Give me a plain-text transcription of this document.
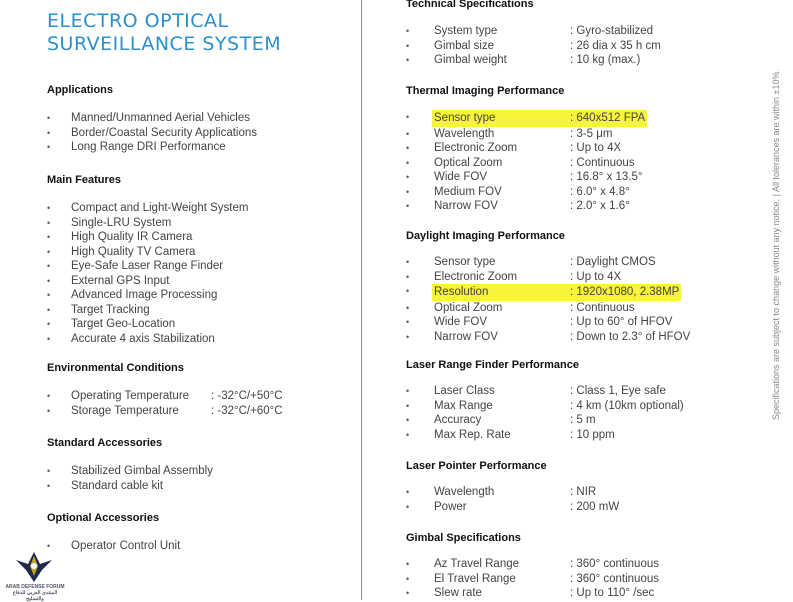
ELECTRO OPTICAL
SURVEILLANCE SYSTEM
Applications
• Manned/Unmanned Aerial Vehicles
• Border/Coastal Security Applications
• Long Range DRI Performance
Main Features
• Compact and Light-Weight System
• Single-LRU System
• High Quality IR Camera
• High Quality TV Camera
• Eye-Safe Laser Range Finder
• External GPS Input
• Advanced Image Processing
• Target Tracking
• Target Geo-Location
• Accurate 4 axis Stabilization
Environmental Conditions
• Operating Temperature : -32°C/+50°C
• Storage Temperature	: -32°C/+60°C
Standard Accessories
• Stabilized Gimbal Assembly
• Standard cable kit
Optional Accessories
• Operator Control Unit
Technical Specifications
• System type	: Gyro-stabilized
• Gimbal size	: 26 dia x 35 h cm
• Gimbal weight	: 10 kg (max.)
Thermal Imaging Performance
• Sensor type	: 640x512 FPA
• Wavelength	: 3-5 μm
• Electronic Zoom	: Up to 4X
• Optical Zoom	: Continuous
• Wide FOV	: 16.8° x 13.5°
• Medium FOV	: 6.0° x 4.8°
• Narrow FOV	: 2.0° x 1.6°
Daylight Imaging Performance
• Sensor type	: Daylight CMOS
• Electronic Zoom	: Up to 4X
• Resolution	: 1920x1080, 2.38MP
• Optical Zoom	: Continuous
• Wide FOV	: Up to 60° of HFOV
• Narrow FOV	: Down to 2.3° of HFOV
Laser Range Finder Performance
• Laser Class	: Class 1, Eye safe
• Max Range	: 4 km (10km optional)
• Accuracy	: 5 m
• Max Rep. Rate	: 10 ppm
Laser Pointer Performance
• Wavelength	: NIR
• Power	: 200 mW
Gimbal Specifications
• Az Travel Range	: 360° continuous
• El Travel Range	: 360° continuous
• Slew rate	: Up to 110° /sec
Specifications are subject to change without any notice. | All tolerances are within ±10%.
ARAB DEFENSE FORUM
المنتدى العربي للدفاع والتسليح
